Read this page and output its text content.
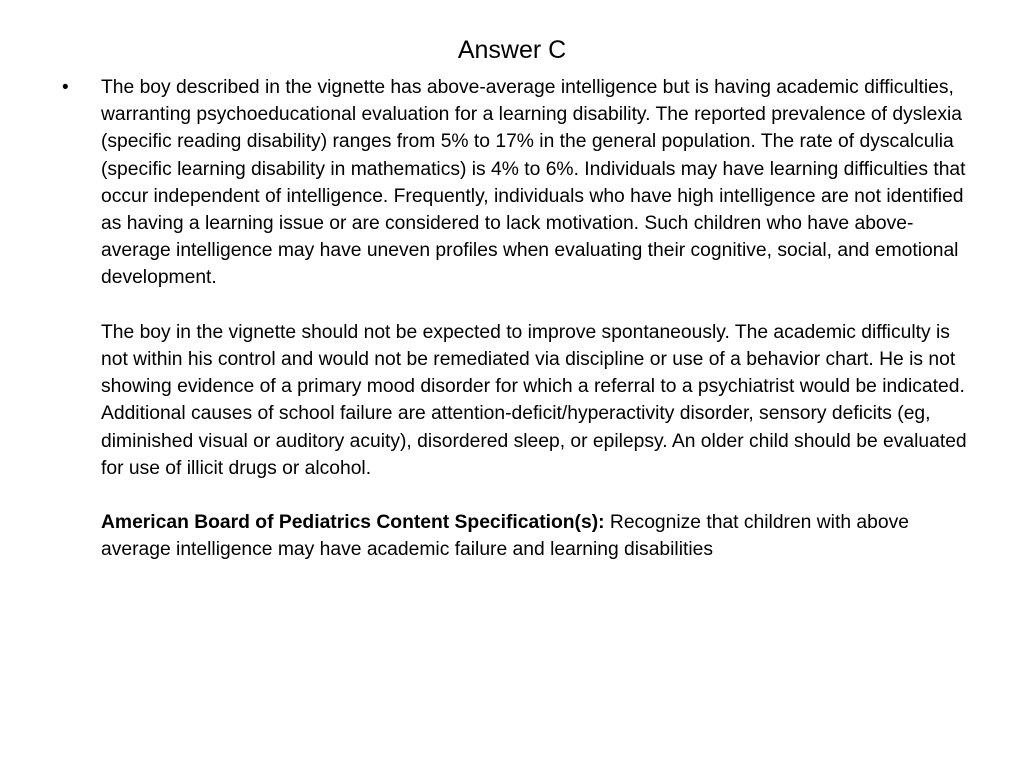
Answer C
•	The boy described in the vignette has above-average intelligence but is having academic difficulties, warranting psychoeducational evaluation for a learning disability. The reported prevalence of dyslexia (specific reading disability) ranges from 5% to 17% in the general population. The rate of dyscalculia (specific learning disability in mathematics) is 4% to 6%. Individuals may have learning difficulties that occur independent of intelligence. Frequently, individuals who have high intelligence are not identified as having a learning issue or are considered to lack motivation. Such children who have above-average intelligence may have uneven profiles when evaluating their cognitive, social, and emotional development.

The boy in the vignette should not be expected to improve spontaneously. The academic difficulty is not within his control and would not be remediated via discipline or use of a behavior chart. He is not showing evidence of a primary mood disorder for which a referral to a psychiatrist would be indicated. Additional causes of school failure are attention-deficit/hyperactivity disorder, sensory deficits (eg, diminished visual or auditory acuity), disordered sleep, or epilepsy. An older child should be evaluated for use of illicit drugs or alcohol.

American Board of Pediatrics Content Specification(s): Recognize that children with above average intelligence may have academic failure and learning disabilities
